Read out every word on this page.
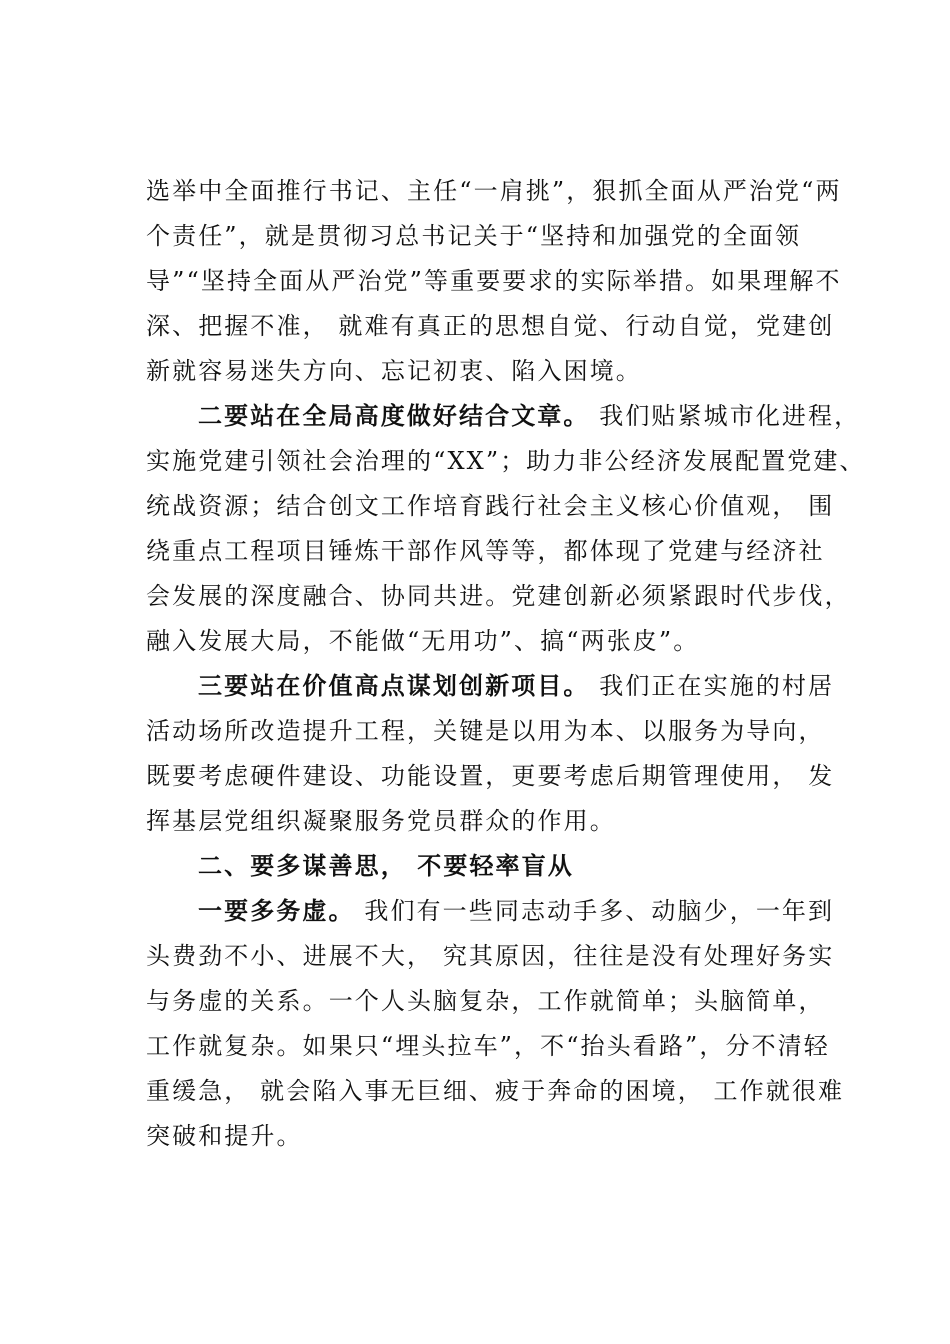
选举中全面推行书记、主任“一肩挑”，狠抓全面从严治党“两
个责任”，就是贯彻习总书记关于“坚持和加强党的全面领
导”“坚持全面从严治党”等重要要求的实际举措。如果理解不
深、把握不准， 就难有真正的思想自觉、行动自觉，党建创
新就容易迷失方向、忘记初衷、陷入困境。
二要站在全局高度做好结合文章。 我们贴紧城市化进程，
实施党建引领社会治理的“XX”；助力非公经济发展配置党建、
统战资源；结合创文工作培育践行社会主义核心价值观， 围
绕重点工程项目锤炼干部作风等等，都体现了党建与经济社
会发展的深度融合、协同共进。党建创新必须紧跟时代步伐，
融入发展大局，不能做“无用功”、搞“两张皮”。
三要站在价值高点谋划创新项目。 我们正在实施的村居
活动场所改造提升工程，关键是以用为本、以服务为导向，
既要考虑硬件建设、功能设置，更要考虑后期管理使用， 发
挥基层党组织凝聚服务党员群众的作用。
二、要多谋善思， 不要轻率盲从
一要多务虚。 我们有一些同志动手多、动脑少，一年到
头费劲不小、进展不大， 究其原因，往往是没有处理好务实
与务虚的关系。一个人头脑复杂，工作就简单；头脑简单，
工作就复杂。如果只“埋头拉车”，不“抬头看路”，分不清轻
重缓急， 就会陷入事无巨细、疲于奔命的困境， 工作就很难
突破和提升。
